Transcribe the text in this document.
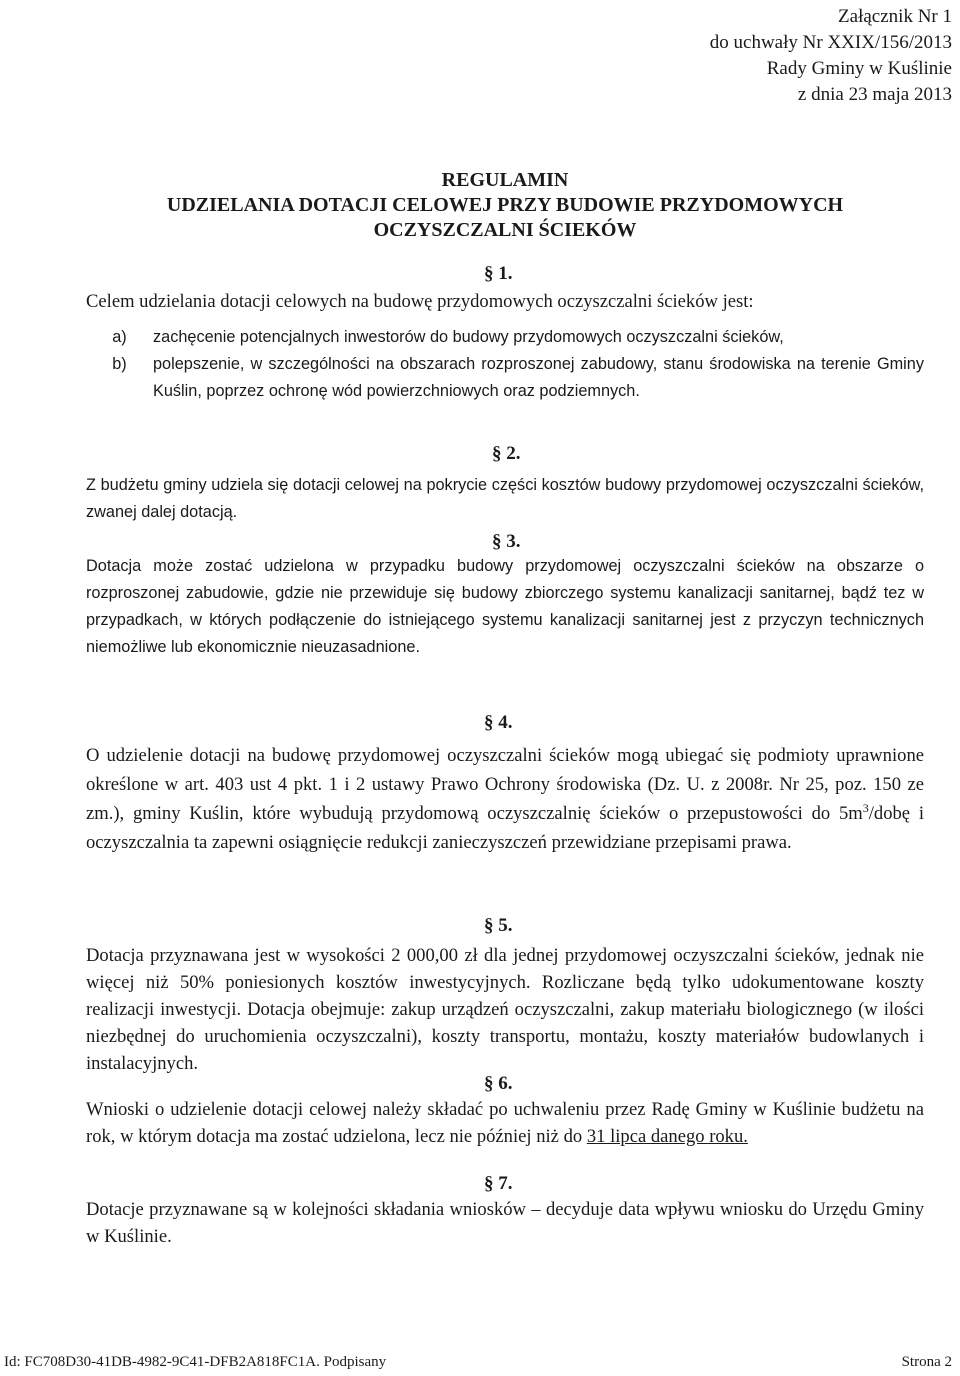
Załącznik Nr 1
do uchwały Nr XXIX/156/2013
Rady Gminy w Kuślinie
z dnia 23 maja 2013
REGULAMIN
UDZIELANIA DOTACJI CELOWEJ PRZY BUDOWIE PRZYDOMOWYCH
OCZYSZCZALNI ŚCIEKÓW
§ 1.
Celem udzielania dotacji celowych na budowę przydomowych oczyszczalni ścieków jest:
a)	zachęcenie potencjalnych inwestorów do budowy przydomowych oczyszczalni ścieków,
b)	polepszenie, w szczególności na obszarach rozproszonej zabudowy, stanu środowiska na terenie Gminy Kuślin, poprzez ochronę wód powierzchniowych oraz podziemnych.
§ 2.
Z budżetu gminy udziela się dotacji celowej na pokrycie części kosztów budowy przydomowej oczyszczalni ścieków, zwanej dalej dotacją.
§ 3.
Dotacja może zostać udzielona w przypadku budowy przydomowej oczyszczalni ścieków na obszarze o rozproszonej zabudowie, gdzie nie przewiduje się budowy zbiorczego systemu kanalizacji sanitarnej, bądź tez w przypadkach, w których podłączenie do istniejącego systemu kanalizacji sanitarnej jest z przyczyn technicznych niemożliwe lub ekonomicznie nieuzasadnione.
§ 4.
O udzielenie dotacji na budowę przydomowej oczyszczalni ścieków mogą ubiegać się podmioty uprawnione określone w art. 403 ust 4 pkt. 1 i 2 ustawy Prawo Ochrony środowiska (Dz. U. z 2008r. Nr 25, poz. 150 ze zm.), gminy Kuślin, które wybudują przydomową oczyszczalnię ścieków o przepustowości do $5m^3$/dobę i oczyszczalnia ta zapewni osiągnięcie redukcji zanieczyszczeń przewidziane przepisami prawa.
§ 5.
Dotacja przyznawana jest w wysokości 2 000,00 zł dla jednej przydomowej oczyszczalni ścieków, jednak nie więcej niż 50% poniesionych kosztów inwestycyjnych. Rozliczane będą tylko udokumentowane koszty realizacji inwestycji. Dotacja obejmuje: zakup urządzeń oczyszczalni, zakup materiału biologicznego (w ilości niezbędnej do uruchomienia oczyszczalni), koszty transportu, montażu, koszty materiałów budowlanych i instalacyjnych.
§ 6.
Wnioski o udzielenie dotacji celowej należy składać po uchwaleniu przez Radę Gminy w Kuślinie budżetu na rok, w którym dotacja ma zostać udzielona, lecz nie później niż do 31 lipca danego roku.
§ 7.
Dotacje przyznawane są w kolejności składania wniosków – decyduje data wpływu wniosku do Urzędu Gminy w Kuślinie.
Id: FC708D30-41DB-4982-9C41-DFB2A818FC1A. Podpisany	Strona 2
